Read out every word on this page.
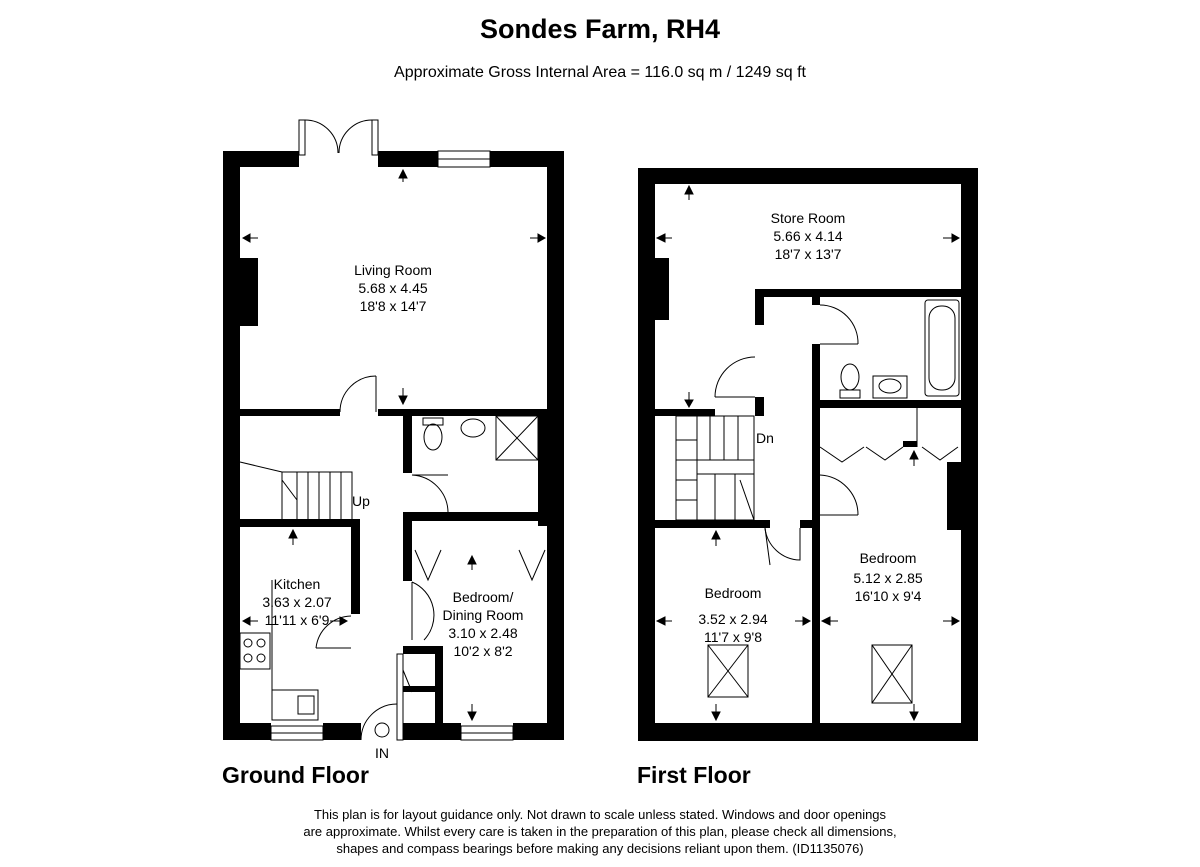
Sondes Farm, RH4
Approximate Gross Internal Area = 116.0 sq m / 1249 sq ft
Living Room
5.68 x 4.45
18'8 x 14'7
Kitchen
3.63 x 2.07
11'11 x 6'9
Bedroom/
Dining Room
3.10 x 2.48
10'2 x 8'2
Up
IN
Store Room
5.66 x 4.14
18'7 x 13'7
Bedroom
3.52 x 2.94
11'7 x 9'8
Bedroom
5.12 x 2.85
16'10 x 9'4
Dn
Ground Floor	First Floor
This plan is for layout guidance only. Not drawn to scale unless stated. Windows and door openings
are approximate. Whilst every care is taken in the preparation of this plan, please check all dimensions,
shapes and compass bearings before making any decisions reliant upon them. (ID1135076)
